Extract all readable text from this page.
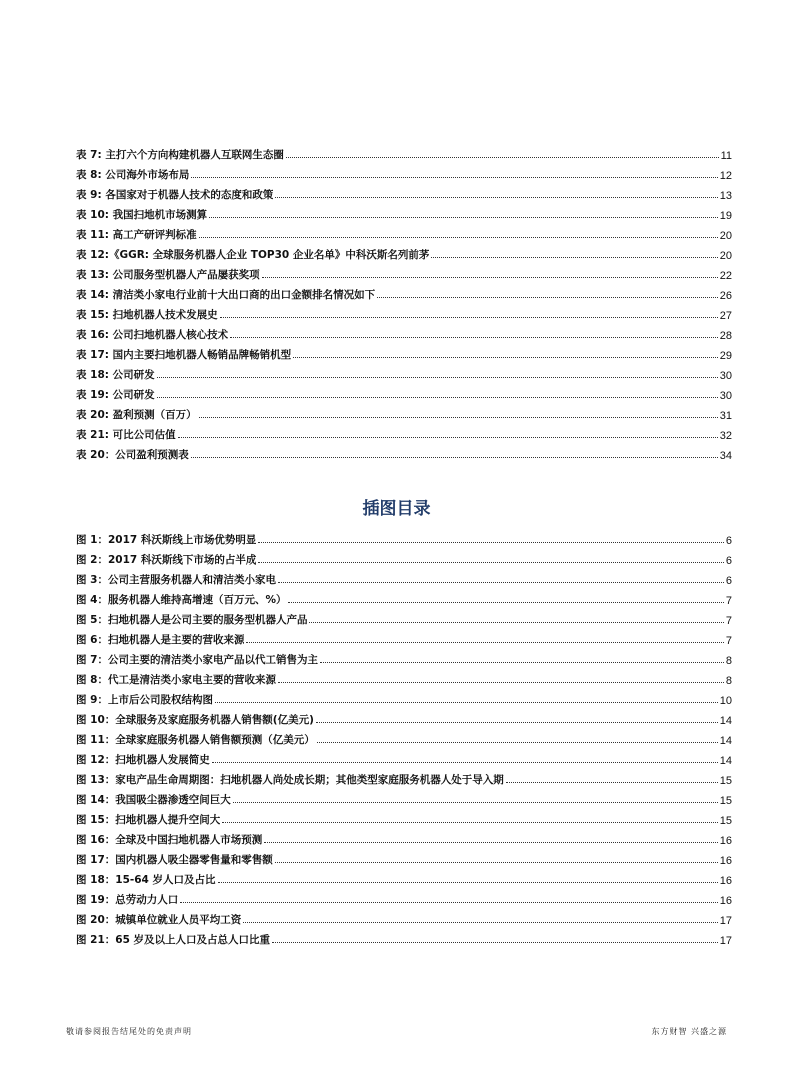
表 7: 主打六个方向构建机器人互联网生态圈	11
表 8: 公司海外市场布局	12
表 9: 各国家对于机器人技术的态度和政策	13
表 10: 我国扫地机市场测算	19
表 11: 高工产研评判标准	20
表 12:《GGR: 全球服务机器人企业 TOP30 企业名单》中科沃斯名列前茅	20
表 13: 公司服务型机器人产品屡获奖项	22
表 14: 清洁类小家电行业前十大出口商的出口金额排名情况如下	26
表 15: 扫地机器人技术发展史	27
表 16: 公司扫地机器人核心技术	28
表 17: 国内主要扫地机器人畅销品牌畅销机型	29
表 18: 公司研发	30
表 19: 公司研发	30
表 20: 盈利预测（百万）	31
表 21: 可比公司估值	32
表 20：公司盈利预测表	34
插图目录
图 1：2017 科沃斯线上市场优势明显	6
图 2：2017 科沃斯线下市场的占半成	6
图 3：公司主营服务机器人和清洁类小家电	6
图 4：服务机器人维持高增速（百万元、%）	7
图 5：扫地机器人是公司主要的服务型机器人产品	7
图 6：扫地机器人是主要的营收来源	7
图 7：公司主要的清洁类小家电产品以代工销售为主	8
图 8：代工是清洁类小家电主要的营收来源	8
图 9：上市后公司股权结构图	10
图 10：全球服务及家庭服务机器人销售额(亿美元)	14
图 11：全球家庭服务机器人销售额预测（亿美元）	14
图 12：扫地机器人发展简史	14
图 13：家电产品生命周期图：扫地机器人尚处成长期；其他类型家庭服务机器人处于导入期	15
图 14：我国吸尘器渗透空间巨大	15
图 15：扫地机器人提升空间大	15
图 16：全球及中国扫地机器人市场预测	16
图 17：国内机器人吸尘器零售量和零售额	16
图 18：15-64 岁人口及占比	16
图 19：总劳动力人口	16
图 20：城镇单位就业人员平均工资	17
图 21：65 岁及以上人口及占总人口比重	17
敬请参阅报告结尾处的免责声明	东方财智 兴盛之源
